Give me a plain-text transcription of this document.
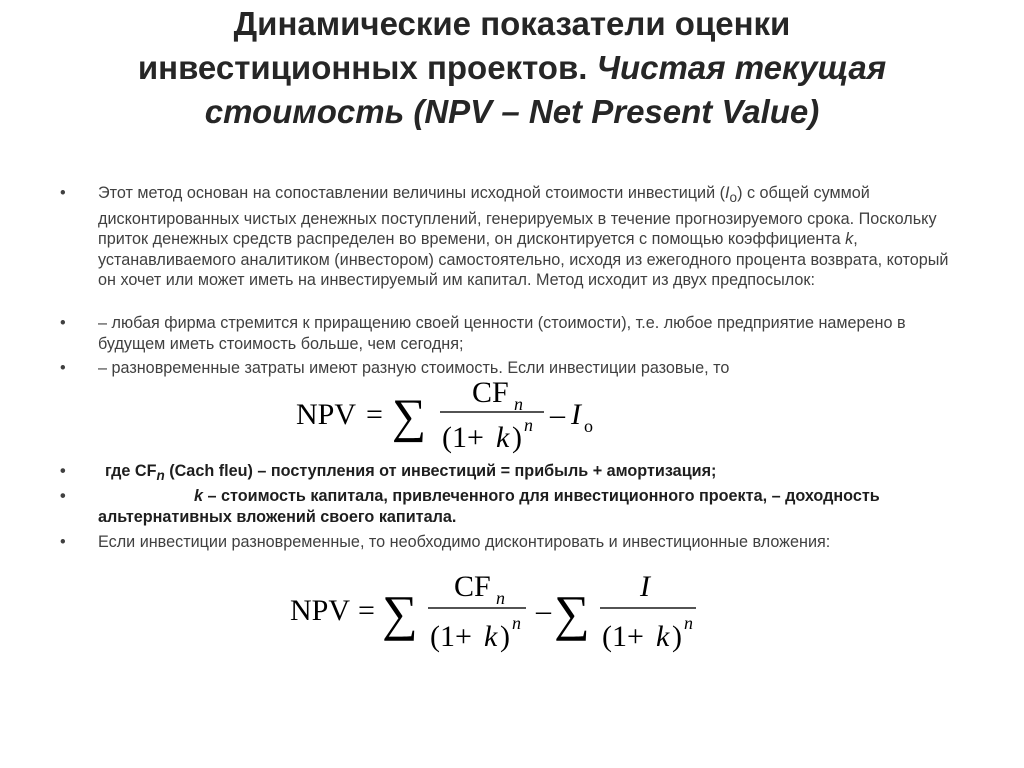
Динамические показатели оценки
инвестиционных проектов. Чистая текущая
стоимость (NPV – Net Present Value)
• Этот метод основан на сопоставлении величины исходной стоимости инвестиций $(I_o)$ с общей суммой дисконтированных чистых денежных поступлений, генерируемых в течение прогнозируемого срока. Поскольку приток денежных средств распределен во времени, он дисконтируется с помощью коэффициента k, устанавливаемого аналитиком (инвестором) самостоятельно, исходя из ежегодного процента возврата, который он хочет или может иметь на инвестируемый им капитал. Метод исходит из двух предпосылок:
• – любая фирма стремится к приращению своей ценности (стоимости), т.е. любое предприятие намерено в будущем иметь стоимость больше, чем сегодня;
• – разновременные затраты имеют разную стоимость. Если инвестиции разовые, то
NPV = ∑ CF n
(1+ k ) n – I o
• где $CF_n$ (Cach fleu) – поступления от инвестиций = прибыль + амортизация;
• k – стоимость капитала, привлеченного для инвестиционного проекта, – доходность альтернативных вложений своего капитала.
• Если инвестиции разновременные, то необходимо дисконтировать и инвестиционные вложения:
NPV = ∑ CF n
(1+ k ) n – ∑ I
(1+ k ) n
